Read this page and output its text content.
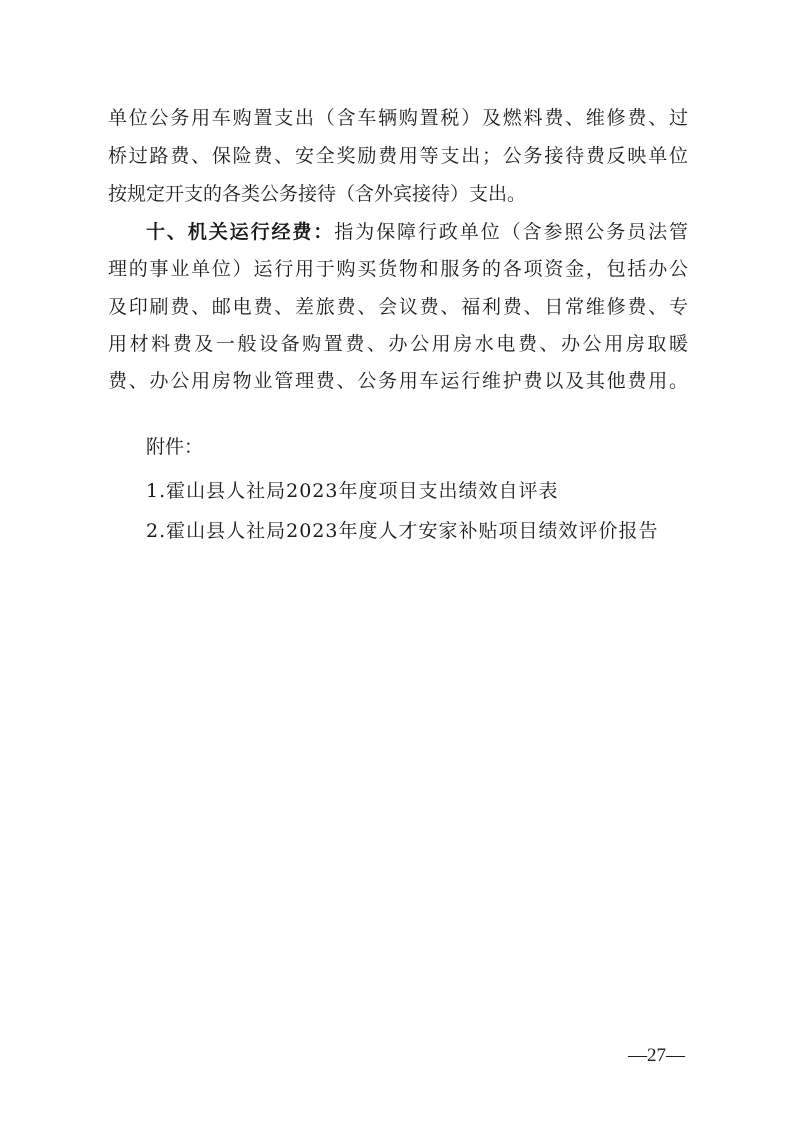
单位公务用车购置支出（含车辆购置税）及燃料费、维修费、过
桥过路费、保险费、安全奖励费用等支出；公务接待费反映单位
按规定开支的各类公务接待（含外宾接待）支出。
十、机关运行经费：指为保障行政单位（含参照公务员法管
理的事业单位）运行用于购买货物和服务的各项资金，包括办公
及印刷费、邮电费、差旅费、会议费、福利费、日常维修费、专
用材料费及一般设备购置费、办公用房水电费、办公用房取暖
费、办公用房物业管理费、公务用车运行维护费以及其他费用。
附件：
1.霍山县人社局2023年度项目支出绩效自评表
2.霍山县人社局2023年度人才安家补贴项目绩效评价报告
—27—
